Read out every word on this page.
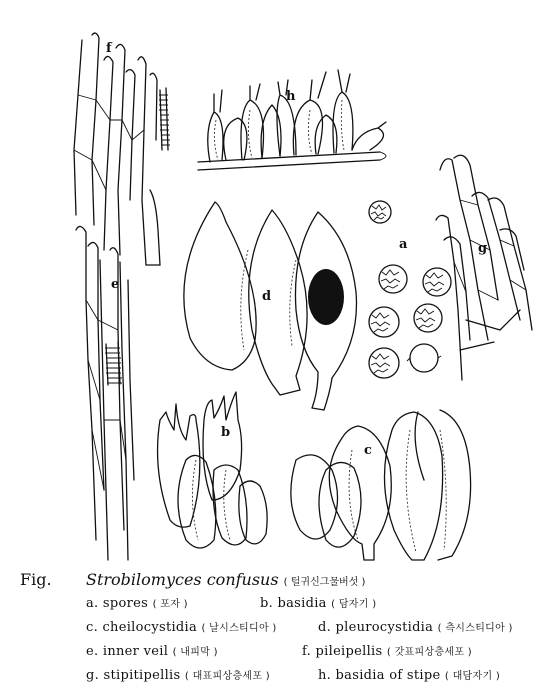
f
h
a	g
e
d
b
c
Fig. Strobilomyces confusus ( 털귀신그물버섯 )
a. spores ( 포자 )	b. basidia ( 담자기 )
c. cheilocystidia ( 날시스티디아 )	d. pleurocystidia ( 측시스티디아 )
e. inner veil ( 내피막 )	f. pileipellis ( 갓표피상층세포 )
g. stipitipellis ( 대표피상층세포 )	h. basidia of stipe ( 대담자기 )
